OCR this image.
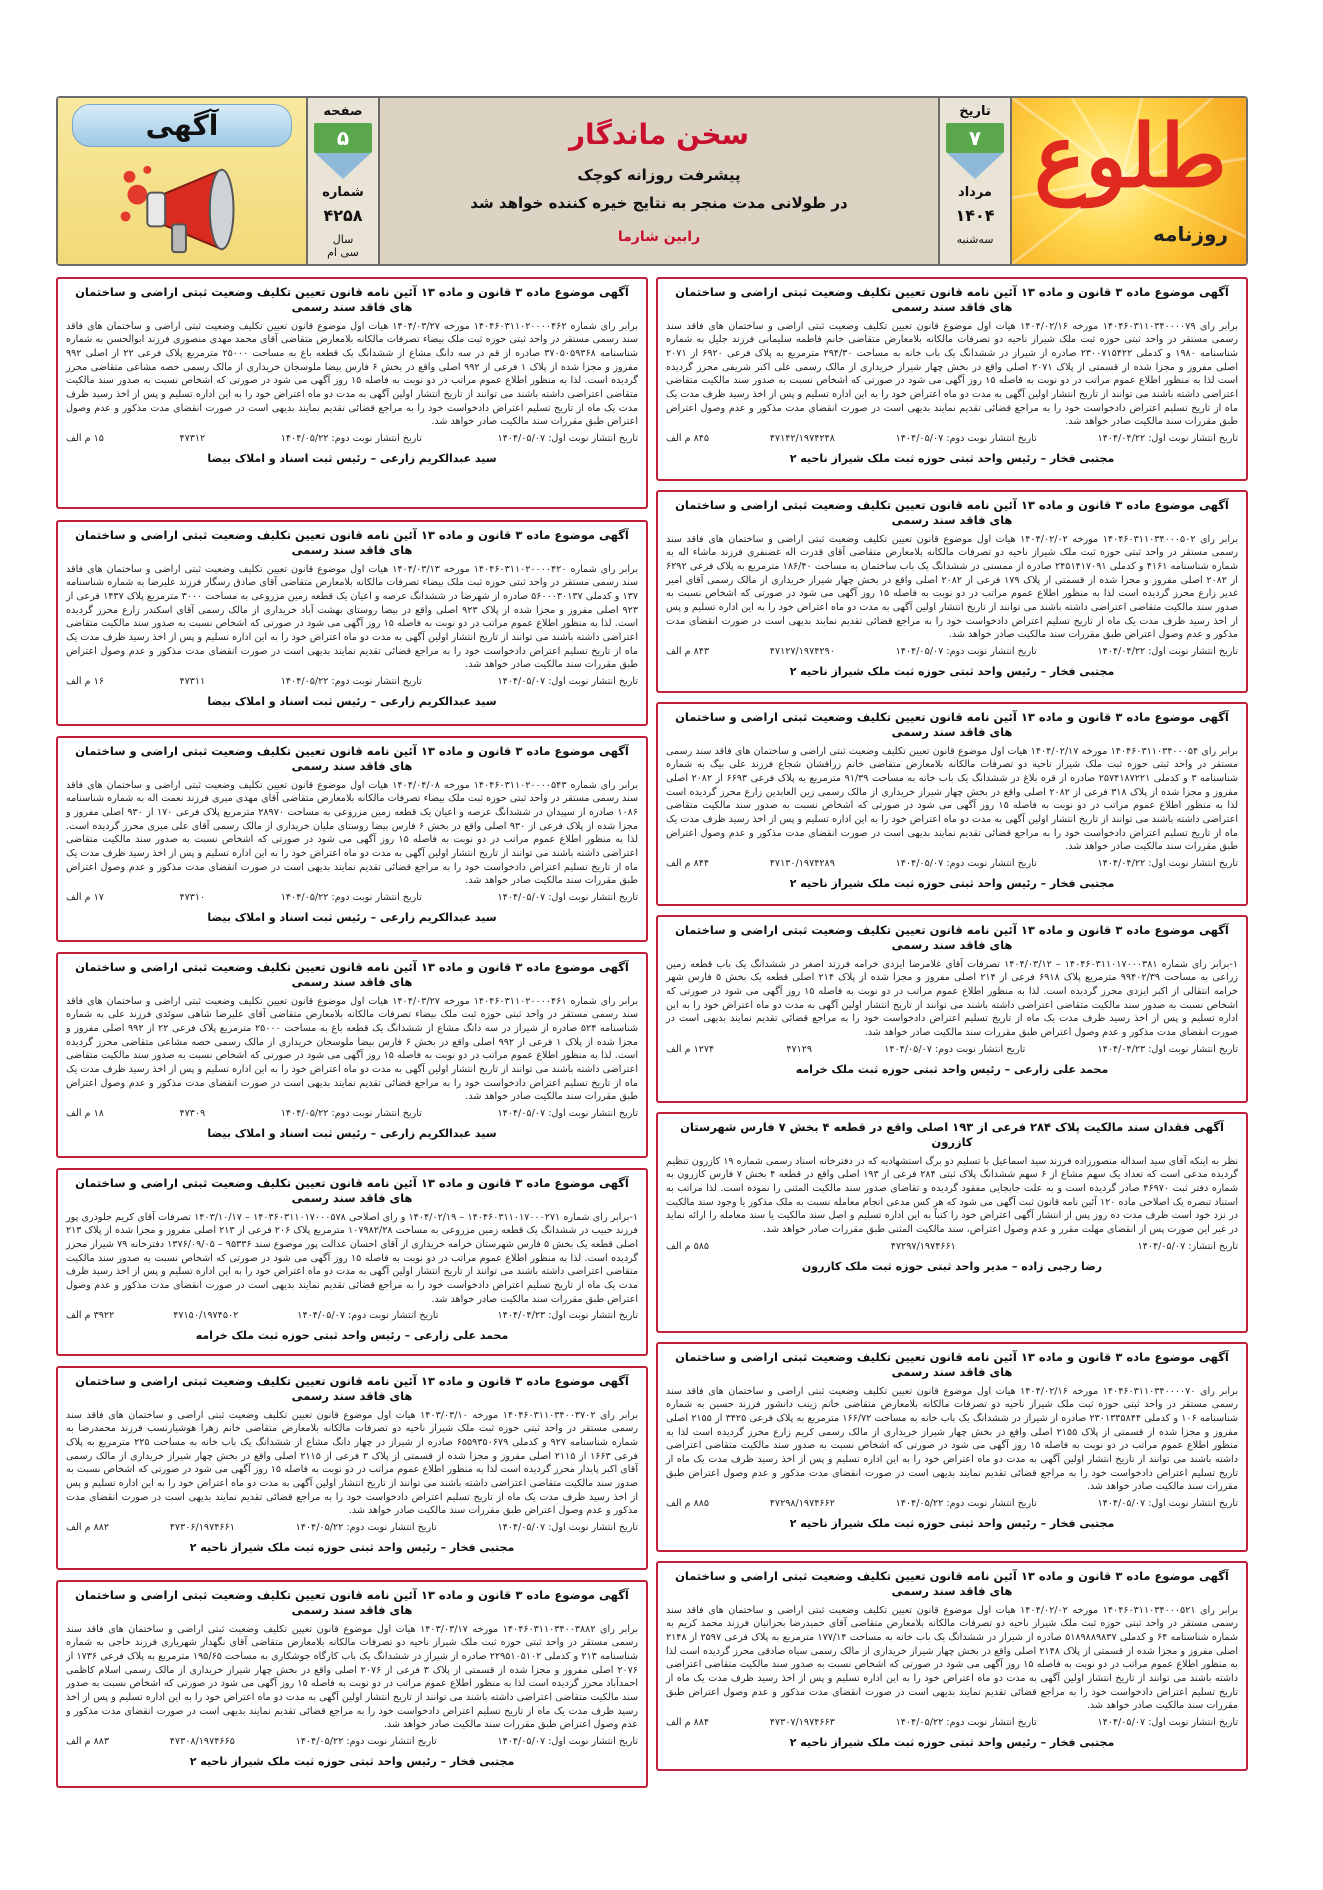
آگهی	صفحه
۵
شماره
۴۲۵۸
سال
سی ام
سخن ماندگار
پیشرفت روزانه کوچک
در طولانی مدت منجر به نتایج خیره کننده خواهد شد
رابین شارما
تاریخ
۷
مرداد
۱۴۰۴
سه‌شنبه
طلوع
روزنامه
آگهی موضوع ماده ۳ قانون و ماده ۱۳ آئین نامه قانون تعیین تکلیف وضعیت ثبتی اراضی و ساختمان های فاقد سند رسمی
برابر رای ۱۴۰۴۶۰۳۱۱۰۳۴۰۰۰۰۷۹ مورخه ۱۴۰۴/۰۲/۱۶ هیات اول موضوع قانون تعیین تکلیف وضعیت ثبتی اراضی و ساختمان های فاقد سند رسمی مستقر در واحد ثبتی حوزه ثبت ملک شیراز ناحیه دو تصرفات مالکانه بلامعارض متقاضی خانم فاطمه سلیمانی فرزند جلیل به شماره شناسنامه ۱۹۸۰ و کدملی ۲۳۰۰۷۱۵۴۲۲ صادره از شیراز در ششدانگ یک باب خانه به مساحت ۲۹۴/۳۰ مترمربع به پلاک فرعی ۶۹۲۰ از ۲۰۷۱ اصلی مفروز و مجزا شده از قسمتی از پلاک ۲۰۷۱ اصلی واقع در بخش چهار شیراز خریداری از مالک رسمی علی اکبر شریفی محرز گردیده است لذا به منظور اطلاع عموم مراتب در دو نوبت به فاصله ۱۵ روز آگهی می شود در صورتی که اشخاص نسبت به صدور سند مالکیت متقاضی اعتراضی داشته باشند می توانند از تاریخ انتشار اولین آگهی به مدت دو ماه اعتراض خود را به این اداره تسلیم و پس از اخذ رسید ظرف مدت یک ماه از تاریخ تسلیم اعتراض دادخواست خود را به مراجع قضائی تقدیم نمایند بدیهی است در صورت انقضای مدت مذکور و عدم وصول اعتراض طبق مقررات سند مالکیت صادر خواهد شد.
تاریخ انتشار نوبت اول: ۱۴۰۴/۰۴/۲۲
تاریخ انتشار نوبت دوم: ۱۴۰۴/۰۵/۰۷
۴۷۱۴۲/۱۹۷۴۲۴۸
۸۴۵ م الف
مجتبی فخار – رئیس واحد ثبتی حوزه ثبت ملک شیراز ناحیه ۲
آگهی موضوع ماده ۳ قانون و ماده ۱۳ آئین نامه قانون تعیین تکلیف وضعیت ثبتی اراضی و ساختمان های فاقد سند رسمی
برابر رای ۱۴۰۴۶۰۳۱۱۰۳۴۰۰۰۵۰۲ مورخه ۱۴۰۴/۰۲/۰۲ هیات اول موضوع قانون تعیین تکلیف وضعیت ثبتی اراضی و ساختمان های فاقد سند رسمی مستقر در واحد ثبتی حوزه ثبت ملک شیراز ناحیه دو تصرفات مالکانه بلامعارض متقاضی آقای قدرت اله غضنفری فرزند ماشاء اله به شماره شناسنامه ۴۱۶۱ و کدملی ۲۴۵۱۴۱۷۰۹۱ صادره از ممسنی در ششدانگ یک باب ساختمان به مساحت ۱۸۶/۴۰ مترمربع به پلاک فرعی ۶۲۹۲ از ۲۰۸۲ اصلی مفروز و مجزا شده از قسمتی از پلاک ۱۷۹ فرعی از ۲۰۸۲ اصلی واقع در بخش چهار شیراز خریداری از مالک رسمی آقای امیر غدیر زارع محرز گردیده است لذا به منظور اطلاع عموم مراتب در دو نوبت به فاصله ۱۵ روز آگهی می شود در صورتی که اشخاص نسبت به صدور سند مالکیت متقاضی اعتراضی داشته باشند می توانند از تاریخ انتشار اولین آگهی به مدت دو ماه اعتراض خود را به این اداره تسلیم و پس از اخذ رسید ظرف مدت یک ماه از تاریخ تسلیم اعتراض دادخواست خود را به مراجع قضائی تقدیم نمایند بدیهی است در صورت انقضای مدت مذکور و عدم وصول اعتراض طبق مقررات سند مالکیت صادر خواهد شد.
تاریخ انتشار نوبت اول: ۱۴۰۴/۰۴/۲۲
تاریخ انتشار نوبت دوم: ۱۴۰۴/۰۵/۰۷
۴۷۱۲۷/۱۹۷۴۲۹۰
۸۴۳ م الف
مجتبی فخار – رئیس واحد ثبتی حوزه ثبت ملک شیراز ناحیه ۲
آگهی موضوع ماده ۳ قانون و ماده ۱۳ آئین نامه قانون تعیین تکلیف وضعیت ثبتی اراضی و ساختمان های فاقد سند رسمی
برابر رای ۱۴۰۴۶۰۳۱۱۰۳۴۰۰۰۵۴ مورخه ۱۴۰۴/۰۲/۱۷ هیات اول موضوع قانون تعیین تکلیف وضعیت ثبتی اراضی و ساختمان های فاقد سند رسمی مستقر در واحد ثبتی حوزه ثبت ملک شیراز ناحیه دو تصرفات مالکانه بلامعارض متقاضی خانم زرافشان شجاع فرزند علی بیگ به شماره شناسنامه ۳ و کدملی ۲۵۷۴۱۸۷۲۲۱ صادره از قره بلاغ در ششدانگ یک باب خانه به مساحت ۹۱/۳۹ مترمربع به پلاک فرعی ۶۶۹۳ از ۲۰۸۲ اصلی مفروز و مجزا شده از پلاک ۳۱۸ فرعی از ۲۰۸۲ اصلی واقع در بخش چهار شیراز خریداری از مالک رسمی زین العابدین زارع محرز گردیده است لذا به منظور اطلاع عموم مراتب در دو نوبت به فاصله ۱۵ روز آگهی می شود در صورتی که اشخاص نسبت به صدور سند مالکیت متقاضی اعتراضی داشته باشند می توانند از تاریخ انتشار اولین آگهی به مدت دو ماه اعتراض خود را به این اداره تسلیم و پس از اخذ رسید ظرف مدت یک ماه از تاریخ تسلیم اعتراض دادخواست خود را به مراجع قضائی تقدیم نمایند بدیهی است در صورت انقضای مدت مذکور و عدم وصول اعتراض طبق مقررات سند مالکیت صادر خواهد شد.
تاریخ انتشار نوبت اول: ۱۴۰۴/۰۴/۲۲
تاریخ انتشار نوبت دوم: ۱۴۰۴/۰۵/۰۷
۴۷۱۳۰/۱۹۷۴۲۸۹
۸۴۴ م الف
مجتبی فخار – رئیس واحد ثبتی حوزه ثبت ملک شیراز ناحیه ۲
آگهی موضوع ماده ۳ قانون و ماده ۱۳ آئین نامه قانون تعیین تکلیف وضعیت ثبتی اراضی و ساختمان های فاقد سند رسمی
۱-برابر رای شماره ۱۴۰۴۶۰۳۱۱۰۱۷۰۰۰۳۸۱ – ۱۴۰۴/۰۳/۱۲ تصرفات آقای غلامرضا ایزدی خرامه فرزند اصغر در ششدانگ یک باب قطعه زمین زراعی به مساحت ۹۹۴۰۲/۳۹ مترمربع پلاک ۶۹۱۸ فرعی از ۲۱۴ اصلی مفروز و مجزا شده از پلاک ۲۱۴ اصلی قطعه یک بخش ۵ فارس شهر خرامه انتقالی از اکبر ایزدی محرز گردیده است. لذا به منظور اطلاع عموم مراتب در دو نوبت به فاصله ۱۵ روز آگهی می شود در صورتی که اشخاص نسبت به صدور سند مالکیت متقاضی اعتراضی داشته باشند می توانند از تاریخ انتشار اولین آگهی به مدت دو ماه اعتراض خود را به این اداره تسلیم و پس از اخذ رسید ظرف مدت یک ماه از تاریخ تسلیم اعتراض دادخواست خود را به مراجع قضائی تقدیم نمایند بدیهی است در صورت انقضای مدت مذکور و عدم وصول اعتراض طبق مقررات سند مالکیت صادر خواهد شد.
تاریخ انتشار نوبت اول: ۱۴۰۴/۰۴/۲۳
تاریخ انتشار نوبت دوم: ۱۴۰۴/۰۵/۰۷
۴۷۱۲۹
۱۲۷۴ م الف
محمد علی زارعی – رئیس واحد ثبتی حوزه ثبت ملک خرامه
آگهی فقدان سند مالکیت پلاک ۲۸۴ فرعی از ۱۹۳ اصلی واقع در قطعه ۴ بخش ۷ فارس شهرستان کازرون
نظر به اینکه آقای سید اسداله منصورزاده فرزند سید اسماعیل با تسلیم دو برگ استشهادیه که در دفترخانه اسناد رسمی شماره ۱۹ کازرون تنظیم گردیده مدعی است که تعداد یک سهم مشاع از ۶ سهم ششدانگ پلاک ثبتی ۲۸۴ فرعی از ۱۹۳ اصلی واقع در قطعه ۴ بخش ۷ فارس کازرون به شماره دفتر ثبت ۴۶۹۷۰ صادر گردیده است و به علت جابجایی مفقود گردیده و تقاضای صدور سند مالکیت المثنی را نموده است. لذا مراتب به استناد تبصره یک اصلاحی ماده ۱۲۰ آئین نامه قانون ثبت آگهی می شود که هر کس مدعی انجام معامله نسبت به ملک مذکور یا وجود سند مالکیت در نزد خود است ظرف مدت ده روز پس از انتشار آگهی اعتراض خود را کتباً به این اداره تسلیم و اصل سند مالکیت یا سند معامله را ارائه نماید در غیر این صورت پس از انقضای مهلت مقرر و عدم وصول اعتراض، سند مالکیت المثنی طبق مقررات صادر خواهد شد.
تاریخ انتشار: ۱۴۰۴/۰۵/۰۷
۴۷۲۹۷/۱۹۷۴۶۶۱
۵۸۵ م الف
رضا رجبی زاده – مدیر واحد ثبتی حوزه ثبت ملک کازرون
آگهی موضوع ماده ۳ قانون و ماده ۱۳ آئین نامه قانون تعیین تکلیف وضعیت ثبتی اراضی و ساختمان های فاقد سند رسمی
برابر رای ۱۴۰۴۶۰۳۱۱۰۳۴۰۰۰۰۷۰ مورخه ۱۴۰۴/۰۲/۱۶ هیات اول موضوع قانون تعیین تکلیف وضعیت ثبتی اراضی و ساختمان های فاقد سند رسمی مستقر در واحد ثبتی حوزه ثبت ملک شیراز ناحیه دو تصرفات مالکانه بلامعارض متقاضی خانم زینب دانشور فرزند حسین به شماره شناسنامه ۱۰۶ و کدملی ۲۳۰۱۳۳۵۸۴۴ صادره از شیراز در ششدانگ یک باب خانه به مساحت ۱۶۶/۷۲ مترمربع به پلاک فرعی ۳۴۲۵ از ۲۱۵۵ اصلی مفروز و مجزا شده از قسمتی از پلاک ۲۱۵۵ اصلی واقع در بخش چهار شیراز خریداری از مالک رسمی کریم زارع محرز گردیده است لذا به منظور اطلاع عموم مراتب در دو نوبت به فاصله ۱۵ روز آگهی می شود در صورتی که اشخاص نسبت به صدور سند مالکیت متقاضی اعتراضی داشته باشند می توانند از تاریخ انتشار اولین آگهی به مدت دو ماه اعتراض خود را به این اداره تسلیم و پس از اخذ رسید ظرف مدت یک ماه از تاریخ تسلیم اعتراض دادخواست خود را به مراجع قضائی تقدیم نمایند بدیهی است در صورت انقضای مدت مذکور و عدم وصول اعتراض طبق مقررات سند مالکیت صادر خواهد شد.
تاریخ انتشار نوبت اول: ۱۴۰۴/۰۵/۰۷
تاریخ انتشار نوبت دوم: ۱۴۰۴/۰۵/۲۲
۴۷۲۹۸/۱۹۷۴۶۶۲
۸۸۵ م الف
مجتبی فخار – رئیس واحد ثبتی حوزه ثبت ملک شیراز ناحیه ۲
آگهی موضوع ماده ۳ قانون و ماده ۱۳ آئین نامه قانون تعیین تکلیف وضعیت ثبتی اراضی و ساختمان های فاقد سند رسمی
برابر رای ۱۴۰۴۶۰۳۱۱۰۳۴۰۰۰۵۲۱ مورخه ۱۴۰۴/۰۲/۰۲ هیات اول موضوع قانون تعیین تکلیف وضعیت ثبتی اراضی و ساختمان های فاقد سند رسمی مستقر در واحد ثبتی حوزه ثبت ملک شیراز ناحیه دو تصرفات مالکانه بلامعارض متقاضی آقای حمیدرضا بحرانیان فرزند محمد کریم به شماره شناسنامه ۶۴ و کدملی ۵۱۸۹۸۸۹۸۳۷ صادره از شیراز در ششدانگ یک باب خانه به مساحت ۱۷۷/۱۴ مترمربع به پلاک فرعی ۲۵۹۷ از ۲۱۴۸ اصلی مفروز و مجزا شده از قسمتی از پلاک ۲۱۴۸ اصلی واقع در بخش چهار شیراز خریداری از مالک رسمی سیاه صادقی محرز گردیده است لذا به منظور اطلاع عموم مراتب در دو نوبت به فاصله ۱۵ روز آگهی می شود در صورتی که اشخاص نسبت به صدور سند مالکیت متقاضی اعتراضی داشته باشند می توانند از تاریخ انتشار اولین آگهی به مدت دو ماه اعتراض خود را به این اداره تسلیم و پس از اخذ رسید ظرف مدت یک ماه از تاریخ تسلیم اعتراض دادخواست خود را به مراجع قضائی تقدیم نمایند بدیهی است در صورت انقضای مدت مذکور و عدم وصول اعتراض طبق مقررات سند مالکیت صادر خواهد شد.
تاریخ انتشار نوبت اول: ۱۴۰۴/۰۵/۰۷
تاریخ انتشار نوبت دوم: ۱۴۰۴/۰۵/۲۲
۴۷۳۰۷/۱۹۷۴۶۶۳
۸۸۴ م الف
مجتبی فخار – رئیس واحد ثبتی حوزه ثبت ملک شیراز ناحیه ۲
آگهی موضوع ماده ۳ قانون و ماده ۱۳ آئین نامه قانون تعیین تکلیف وضعیت ثبتی اراضی و ساختمان های فاقد سند رسمی
برابر رای شماره ۱۴۰۴۶۰۳۱۱۰۲۰۰۰۰۴۶۲ مورخه ۱۴۰۴/۰۳/۲۷ هیات اول موضوع قانون تعیین تکلیف وضعیت ثبتی اراضی و ساختمان های فاقد سند رسمی مستقر در واحد ثبتی حوزه ثبت ملک بیضاء تصرفات مالکانه بلامعارض متقاضی آقای محمد مهدی منصوری فرزند ابوالحسن به شماره شناسنامه ۳۷۰۵۰۵۹۳۶۸ صادره از قم در سه دانگ مشاع از ششدانگ یک قطعه باغ به مساحت ۲۵۰۰۰ مترمربع پلاک فرعی ۲۲ از اصلی ۹۹۲ مفروز و مجزا شده از پلاک ۱ فرعی از ۹۹۲ اصلی واقع در بخش ۶ فارس بیضا ملوسجان خریداری از مالک رسمی حصه مشاعی متقاضی محرز گردیده است. لذا به منظور اطلاع عموم مراتب در دو نوبت به فاصله ۱۵ روز آگهی می شود در صورتی که اشخاص نسبت به صدور سند مالکیت متقاضی اعتراضی داشته باشند می توانند از تاریخ انتشار اولین آگهی به مدت دو ماه اعتراض خود را به این اداره تسلیم و پس از اخذ رسید ظرف مدت یک ماه از تاریخ تسلیم اعتراض دادخواست خود را به مراجع قضائی تقدیم نمایند بدیهی است در صورت انقضای مدت مذکور و عدم وصول اعتراض طبق مقررات سند مالکیت صادر خواهد شد.
تاریخ انتشار نوبت اول: ۱۴۰۴/۰۵/۰۷
تاریخ انتشار نوبت دوم: ۱۴۰۴/۰۵/۲۲
۴۷۳۱۲
۱۵ م الف
سید عبدالکریم زارعی – رئیس ثبت اسناد و املاک بیضا
آگهی موضوع ماده ۳ قانون و ماده ۱۳ آئین نامه قانون تعیین تکلیف وضعیت ثبتی اراضی و ساختمان های فاقد سند رسمی
برابر رای شماره ۱۴۰۴۶۰۳۱۱۰۲۰۰۰۰۴۲۰ مورخه ۱۴۰۴/۰۳/۱۳ هیات اول موضوع قانون تعیین تکلیف وضعیت ثبتی اراضی و ساختمان های فاقد سند رسمی مستقر در واحد ثبتی حوزه ثبت ملک بیضاء تصرفات مالکانه بلامعارض متقاضی آقای صادق رسگار فرزند علیرضا به شماره شناسنامه ۱۳۷ و کدملی ۵۶۰۰۰۳۰۱۳۷ صادره از شهرضا در ششدانگ عرصه و اعیان یک قطعه زمین مزروعی به مساحت ۳۰۰۰ مترمربع پلاک ۱۴۳۷ فرعی از ۹۲۳ اصلی مفروز و مجزا شده از پلاک ۹۲۳ اصلی واقع در بیضا روستای بهشت آباد خریداری از مالک رسمی آقای اسکندر زارع محرز گردیده است. لذا به منظور اطلاع عموم مراتب در دو نوبت به فاصله ۱۵ روز آگهی می شود در صورتی که اشخاص نسبت به صدور سند مالکیت متقاضی اعتراضی داشته باشند می توانند از تاریخ انتشار اولین آگهی به مدت دو ماه اعتراض خود را به این اداره تسلیم و پس از اخذ رسید ظرف مدت یک ماه از تاریخ تسلیم اعتراض دادخواست خود را به مراجع قضائی تقدیم نمایند بدیهی است در صورت انقضای مدت مذکور و عدم وصول اعتراض طبق مقررات سند مالکیت صادر خواهد شد.
تاریخ انتشار نوبت اول: ۱۴۰۴/۰۵/۰۷
تاریخ انتشار نوبت دوم: ۱۴۰۴/۰۵/۲۲
۴۷۳۱۱
۱۶ م الف
سید عبدالکریم زارعی – رئیس ثبت اسناد و املاک بیضا
آگهی موضوع ماده ۳ قانون و ماده ۱۳ آئین نامه قانون تعیین تکلیف وضعیت ثبتی اراضی و ساختمان های فاقد سند رسمی
برابر رای شماره ۱۴۰۴۶۰۳۱۱۰۲۰۰۰۰۵۴۳ مورخه ۱۴۰۴/۰۴/۰۸ هیات اول موضوع قانون تعیین تکلیف وضعیت ثبتی اراضی و ساختمان های فاقد سند رسمی مستقر در واحد ثبتی حوزه ثبت ملک بیضاء تصرفات مالکانه بلامعارض متقاضی آقای مهدی میری فرزند نعمت اله به شماره شناسنامه ۱۰۸۶ صادره از سپیدان در ششدانگ عرصه و اعیان یک قطعه زمین مزروعی به مساحت ۲۸۹۷۰ مترمربع پلاک فرعی ۱۷۰ از ۹۳۰ اصلی مفروز و مجزا شده از پلاک فرعی از ۹۳۰ اصلی واقع در بخش ۶ فارس بیضا روستای ملیان خریداری از مالک رسمی آقای علی میری محرز گردیده است. لذا به منظور اطلاع عموم مراتب در دو نوبت به فاصله ۱۵ روز آگهی می شود در صورتی که اشخاص نسبت به صدور سند مالکیت متقاضی اعتراضی داشته باشند می توانند از تاریخ انتشار اولین آگهی به مدت دو ماه اعتراض خود را به این اداره تسلیم و پس از اخذ رسید ظرف مدت یک ماه از تاریخ تسلیم اعتراض دادخواست خود را به مراجع قضائی تقدیم نمایند بدیهی است در صورت انقضای مدت مذکور و عدم وصول اعتراض طبق مقررات سند مالکیت صادر خواهد شد.
تاریخ انتشار نوبت اول: ۱۴۰۴/۰۵/۰۷
تاریخ انتشار نوبت دوم: ۱۴۰۴/۰۵/۲۲
۴۷۳۱۰
۱۷ م الف
سید عبدالکریم زارعی – رئیس ثبت اسناد و املاک بیضا
آگهی موضوع ماده ۳ قانون و ماده ۱۳ آئین نامه قانون تعیین تکلیف وضعیت ثبتی اراضی و ساختمان های فاقد سند رسمی
برابر رای شماره ۱۴۰۴۶۰۳۱۱۰۲۰۰۰۰۴۶۱ مورخه ۱۴۰۴/۰۳/۲۷ هیات اول موضوع قانون تعیین تکلیف وضعیت ثبتی اراضی و ساختمان های فاقد سند رسمی مستقر در واحد ثبتی حوزه ثبت ملک بیضاء تصرفات مالکانه بلامعارض متقاضی آقای علیرضا شاهی سوئدی فرزند علی به شماره شناسنامه ۵۲۴ صادره از شیراز در سه دانگ مشاع از ششدانگ یک قطعه باغ به مساحت ۲۵۰۰۰ مترمربع پلاک فرعی ۲۲ از ۹۹۲ اصلی مفروز و مجزا شده از پلاک ۱ فرعی از ۹۹۲ اصلی واقع در بخش ۶ فارس بیضا ملوسجان خریداری از مالک رسمی حصه مشاعی متقاضی محرز گردیده است. لذا به منظور اطلاع عموم مراتب در دو نوبت به فاصله ۱۵ روز آگهی می شود در صورتی که اشخاص نسبت به صدور سند مالکیت متقاضی اعتراضی داشته باشند می توانند از تاریخ انتشار اولین آگهی به مدت دو ماه اعتراض خود را به این اداره تسلیم و پس از اخذ رسید ظرف مدت یک ماه از تاریخ تسلیم اعتراض دادخواست خود را به مراجع قضائی تقدیم نمایند بدیهی است در صورت انقضای مدت مذکور و عدم وصول اعتراض طبق مقررات سند مالکیت صادر خواهد شد.
تاریخ انتشار نوبت اول: ۱۴۰۴/۰۵/۰۷
تاریخ انتشار نوبت دوم: ۱۴۰۴/۰۵/۲۲
۴۷۳۰۹
۱۸ م الف
سید عبدالکریم زارعی – رئیس ثبت اسناد و املاک بیضا
آگهی موضوع ماده ۳ قانون و ماده ۱۳ آئین نامه قانون تعیین تکلیف وضعیت ثبتی اراضی و ساختمان های فاقد سند رسمی
۱-برابر رای شماره ۱۴۰۴۶۰۳۱۱۰۱۷۰۰۰۲۷۱ – ۱۴۰۴/۰۲/۱۹ و رای اصلاحی ۱۴۰۳۶۰۳۱۱۰۱۷۰۰۰۵۷۸ – ۱۴۰۳/۱۰/۱۷ تصرفات آقای کریم جلودری پور فرزند حبیب در ششدانگ یک قطعه زمین مزروعی به مساحت ۱۰۷۹۸۲/۲۸ مترمربع پلاک ۲۰۶ فرعی از ۲۱۳ اصلی مفروز و مجزا شده از پلاک ۲۱۳ اصلی قطعه یک بخش ۵ فارس شهرستان خرامه خریداری از آقای احسان عدالت پور موضوع سند ۹۵۳۳۶ – ۱۳۷۶/۰۹/۰۵ دفترخانه ۷۹ شیراز محرز گردیده است. لذا به منظور اطلاع عموم مراتب در دو نوبت به فاصله ۱۵ روز آگهی می شود در صورتی که اشخاص نسبت به صدور سند مالکیت متقاضی اعتراضی داشته باشند می توانند از تاریخ انتشار اولین آگهی به مدت دو ماه اعتراض خود را به این اداره تسلیم و پس از اخذ رسید ظرف مدت یک ماه از تاریخ تسلیم اعتراض دادخواست خود را به مراجع قضائی تقدیم نمایند بدیهی است در صورت انقضای مدت مذکور و عدم وصول اعتراض طبق مقررات سند مالکیت صادر خواهد شد.
تاریخ انتشار نوبت اول: ۱۴۰۴/۰۴/۲۳
تاریخ انتشار نوبت دوم: ۱۴۰۴/۰۵/۰۷
۴۷۱۵۰/۱۹۷۴۵۰۲
۳۹۲۲ م الف
محمد علی زارعی – رئیس واحد ثبتی حوزه ثبت ملک خرامه
آگهی موضوع ماده ۳ قانون و ماده ۱۳ آئین نامه قانون تعیین تکلیف وضعیت ثبتی اراضی و ساختمان های فاقد سند رسمی
برابر رای ۱۴۰۴۶۰۳۱۱۰۳۴۰۰۳۷۰۲ مورخه ۱۴۰۳/۰۳/۱۰ هیات اول موضوع قانون تعیین تکلیف وضعیت ثبتی اراضی و ساختمان های فاقد سند رسمی مستقر در واحد ثبتی حوزه ثبت ملک شیراز ناحیه دو تصرفات مالکانه بلامعارض متقاضی خانم زهرا هوشیارنسب فرزند محمدرضا به شماره شناسنامه ۹۲۷ و کدملی ۶۵۵۹۳۵۰۶۷۹ صادره از شیراز در چهار دانگ مشاع از ششدانگ یک باب خانه به مساحت ۲۲۵ مترمربع به پلاک فرعی ۱۶۶۳ از ۲۱۱۵ اصلی مفروز و مجزا شده از قسمتی از پلاک ۳ فرعی از ۲۱۱۵ اصلی واقع در بخش چهار شیراز خریداری از مالک رسمی آقای اکبر پایدار محرز گردیده است لذا به منظور اطلاع عموم مراتب در دو نوبت به فاصله ۱۵ روز آگهی می شود در صورتی که اشخاص نسبت به صدور سند مالکیت متقاضی اعتراضی داشته باشند می توانند از تاریخ انتشار اولین آگهی به مدت دو ماه اعتراض خود را به این اداره تسلیم و پس از اخذ رسید ظرف مدت یک ماه از تاریخ تسلیم اعتراض دادخواست خود را به مراجع قضائی تقدیم نمایند بدیهی است در صورت انقضای مدت مذکور و عدم وصول اعتراض طبق مقررات سند مالکیت صادر خواهد شد.
تاریخ انتشار نوبت اول: ۱۴۰۴/۰۵/۰۷
تاریخ انتشار نوبت دوم: ۱۴۰۴/۰۵/۲۲
۴۷۳۰۶/۱۹۷۴۶۶۱
۸۸۲ م الف
مجتبی فخار – رئیس واحد ثبتی حوزه ثبت ملک شیراز ناحیه ۲
آگهی موضوع ماده ۳ قانون و ماده ۱۳ آئین نامه قانون تعیین تکلیف وضعیت ثبتی اراضی و ساختمان های فاقد سند رسمی
برابر رای ۱۴۰۴۶۰۳۱۱۰۳۴۰۰۳۸۸۲ مورخه ۱۴۰۳/۰۳/۱۷ هیات اول موضوع قانون تعیین تکلیف وضعیت ثبتی اراضی و ساختمان های فاقد سند رسمی مستقر در واحد ثبتی حوزه ثبت ملک شیراز ناحیه دو تصرفات مالکانه بلامعارض متقاضی آقای نگهدار شهریاری فرزند حاجی به شماره شناسنامه ۲۱۳ و کدملی ۲۲۹۵۱۰۵۱۰۲ صادره از شیراز در ششدانگ یک باب کارگاه جوشکاری به مساحت ۱۹۵/۶۵ مترمربع به پلاک فرعی ۱۷۳۶ از ۲۰۷۶ اصلی مفروز و مجزا شده از قسمتی از پلاک ۳ فرعی از ۲۰۷۶ اصلی واقع در بخش چهار شیراز خریداری از مالک رسمی اسلام کاظمی احمدآباد محرز گردیده است لذا به منظور اطلاع عموم مراتب در دو نوبت به فاصله ۱۵ روز آگهی می شود در صورتی که اشخاص نسبت به صدور سند مالکیت متقاضی اعتراضی داشته باشند می توانند از تاریخ انتشار اولین آگهی به مدت دو ماه اعتراض خود را به این اداره تسلیم و پس از اخذ رسید ظرف مدت یک ماه از تاریخ تسلیم اعتراض دادخواست خود را به مراجع قضائی تقدیم نمایند بدیهی است در صورت انقضای مدت مذکور و عدم وصول اعتراض طبق مقررات سند مالکیت صادر خواهد شد.
تاریخ انتشار نوبت اول: ۱۴۰۴/۰۵/۰۷
تاریخ انتشار نوبت دوم: ۱۴۰۴/۰۵/۲۲
۴۷۳۰۸/۱۹۷۴۶۶۵
۸۸۳ م الف
مجتبی فخار – رئیس واحد ثبتی حوزه ثبت ملک شیراز ناحیه ۲
